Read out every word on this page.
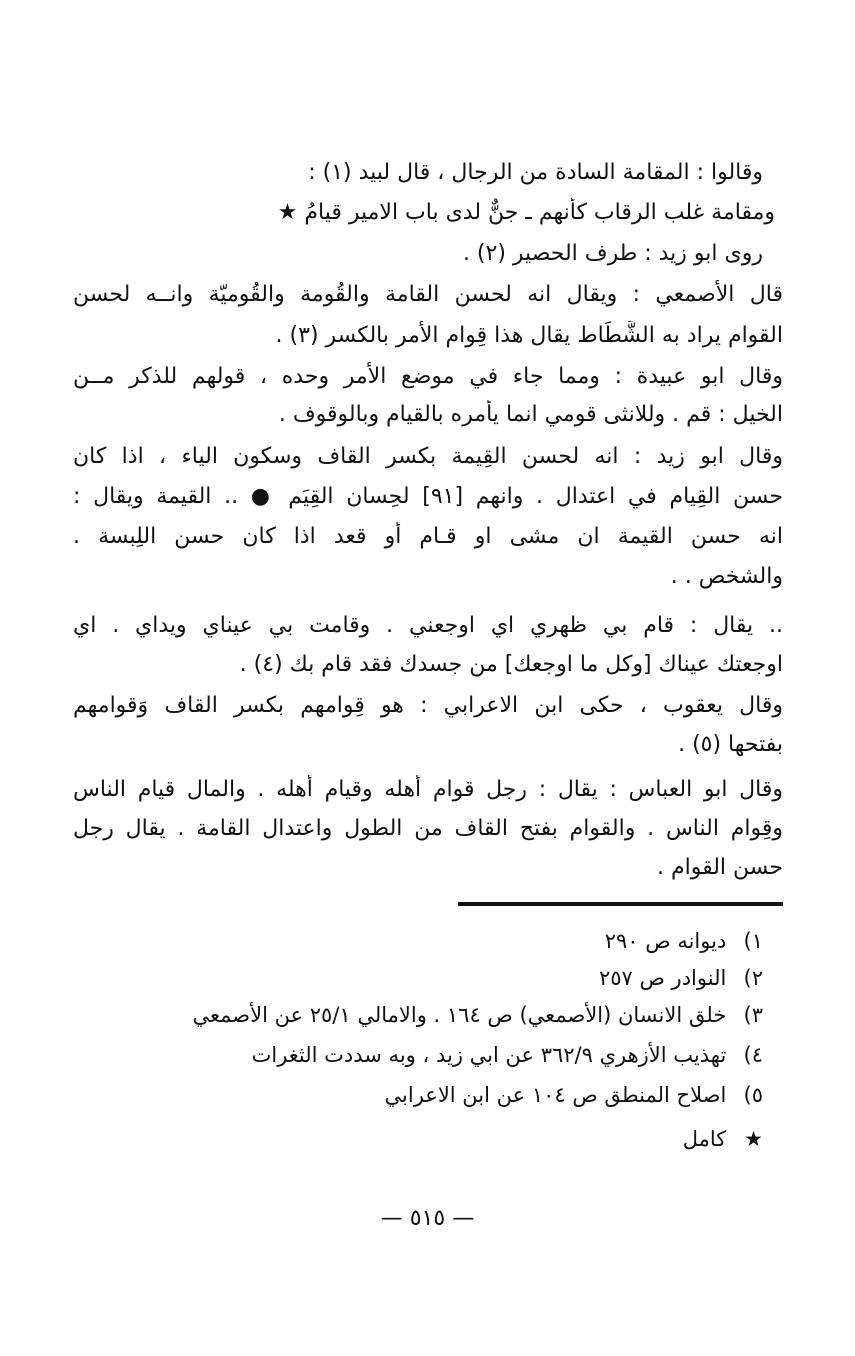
وقالوا : المقامة السادة من الرجال ، قال لبيد (١) :
ومقامة غلب الرقاب كأنهم ـ جنٌّ لدى باب الامير قيامُ ★
روى ابو زيد : طرف الحصير (٢) .
قال الأصمعي : ويقال انه لحسن القامة والقُومة والقُوميّة وانــه لحسن
القوام يراد به الشَّطَاط يقال هذا قِوام الأمر بالكسر (٣) .
وقال ابو عبيدة : ومما جاء في موضع الأمر وحده ، قولهم للذكر مــن
الخيل : قم . وللانثى قومي انما يأمره بالقيام وبالوقوف .
وقال ابو زيد : انه لحسن القِيمة بكسر القاف وسكون الياء ، اذا كان
حسن القِيام في اعتدال . وانهم [٩١] لحِسان القِيَم ● .. القيمة ويقال :
انه حسن القيمة ان مشى او قـام أو قعد اذا كان حسن اللِبسة .
والشخص . .
.. يقال : قام بي ظهري اي اوجعني . وقامت بي عيناي ويداي . اي
اوجعتك عيناك [وكل ما اوجعك] من جسدك فقد قام بك (٤) .
وقال يعقوب ، حكى ابن الاعرابي : هو قِوامهم بكسر القاف وَقوامهم
بفتحها (٥) .
وقال ابو العباس : يقال : رجل قوام أهله وقيام أهله . والمال قيام الناس
وقِوام الناس . والقوام بفتح القاف من الطول واعتدال القامة . يقال رجل
حسن القوام .
١) ديوانه ص ٢٩٠
٢) النوادر ص ٢٥٧
٣) خلق الانسان (الأصمعي) ص ١٦٤ . والامالي ٢٥/١ عن الأصمعي
٤) تهذيب الأزهري ٣٦٢/٩ عن ابي زيد ، وبه سددت الثغرات
٥) اصلاح المنطق ص ١٠٤ عن ابن الاعرابي
★ كامل
— ٥١٥ —
